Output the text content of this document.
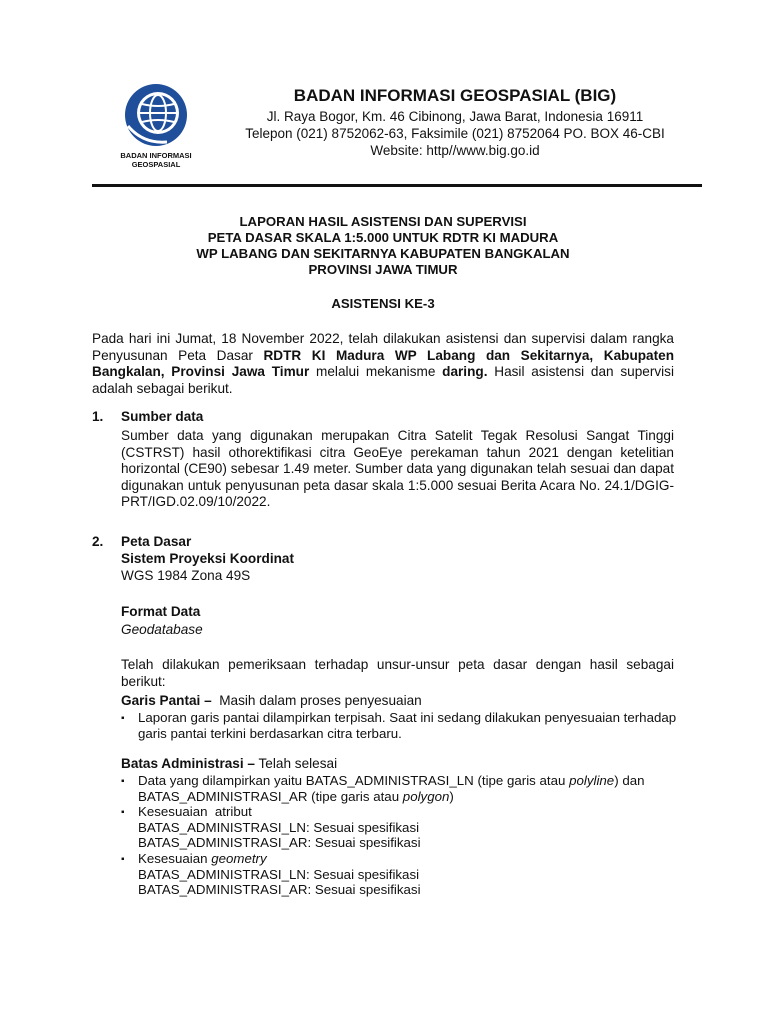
BADAN INFORMASI
GEOSPASIAL
BADAN INFORMASI GEOSPASIAL (BIG)
Jl. Raya Bogor, Km. 46 Cibinong, Jawa Barat, Indonesia 16911
Telepon (021) 8752062-63, Faksimile (021) 8752064 PO. BOX 46-CBI
Website: http//www.big.go.id
LAPORAN HASIL ASISTENSI DAN SUPERVISI
PETA DASAR SKALA 1:5.000 UNTUK RDTR KI MADURA
WP LABANG DAN SEKITARNYA KABUPATEN BANGKALAN
PROVINSI JAWA TIMUR
ASISTENSI KE-3
Pada hari ini Jumat, 18 November 2022, telah dilakukan asistensi dan supervisi dalam rangka Penyusunan Peta Dasar RDTR KI Madura WP Labang dan Sekitarnya, Kabupaten Bangkalan, Provinsi Jawa Timur melalui mekanisme daring. Hasil asistensi dan supervisi adalah sebagai berikut.
1. Sumber data
Sumber data yang digunakan merupakan Citra Satelit Tegak Resolusi Sangat Tinggi (CSTRST) hasil othorektifikasi citra GeoEye perekaman tahun 2021 dengan ketelitian horizontal (CE90) sebesar 1.49 meter. Sumber data yang digunakan telah sesuai dan dapat digunakan untuk penyusunan peta dasar skala 1:5.000 sesuai Berita Acara No. 24.1/DGIG-PRT/IGD.02.09/10/2022.
2. Peta Dasar
Sistem Proyeksi Koordinat
WGS 1984 Zona 49S
Format Data
Geodatabase
Telah dilakukan pemeriksaan terhadap unsur-unsur peta dasar dengan hasil sebagai berikut:
Garis Pantai –  Masih dalam proses penyesuaian
▪ Laporan garis pantai dilampirkan terpisah. Saat ini sedang dilakukan penyesuaian terhadap garis pantai terkini berdasarkan citra terbaru.
Batas Administrasi – Telah selesai
▪ Data yang dilampirkan yaitu BATAS_ADMINISTRASI_LN (tipe garis atau polyline) dan
BATAS_ADMINISTRASI_AR (tipe garis atau polygon)
▪ Kesesuaian  atribut
BATAS_ADMINISTRASI_LN: Sesuai spesifikasi
BATAS_ADMINISTRASI_AR: Sesuai spesifikasi
▪ Kesesuaian geometry
BATAS_ADMINISTRASI_LN: Sesuai spesifikasi
BATAS_ADMINISTRASI_AR: Sesuai spesifikasi
